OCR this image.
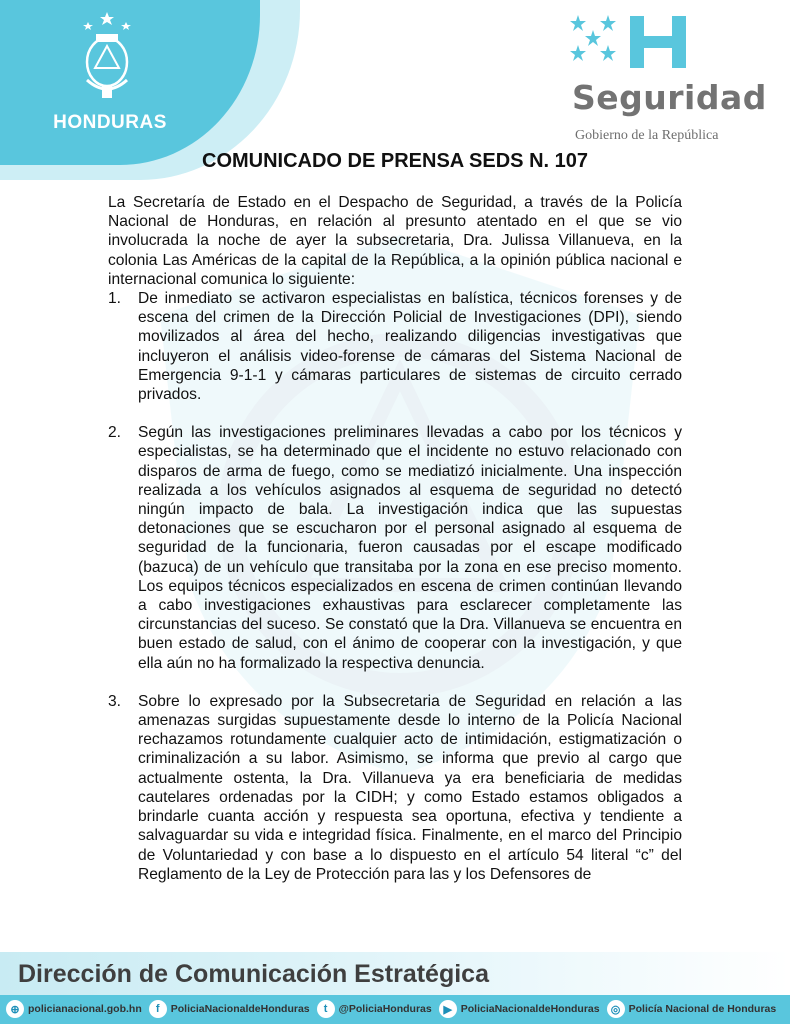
HONDURAS
Seguridad
Gobierno de la República
COMUNICADO DE PRENSA SEDS N. 107

La Secretaría de Estado en el Despacho de Seguridad, a través de la Policía Nacional de Honduras, en relación al presunto atentado en el que se vio involucrada la noche de ayer la subsecretaria, Dra. Julissa Villanueva, en la colonia Las Américas de la capital de la República, a la opinión pública nacional e internacional comunica lo siguiente:

1. De inmediato se activaron especialistas en balística, técnicos forenses y de escena del crimen de la Dirección Policial de Investigaciones (DPI), siendo movilizados al área del hecho, realizando diligencias investigativas que incluyeron el análisis video-forense de cámaras del Sistema Nacional de Emergencia 9-1-1 y cámaras particulares de sistemas de circuito cerrado privados.
2. Según las investigaciones preliminares llevadas a cabo por los técnicos y especialistas, se ha determinado que el incidente no estuvo relacionado con disparos de arma de fuego, como se mediatizó inicialmente. Una inspección realizada a los vehículos asignados al esquema de seguridad no detectó ningún impacto de bala. La investigación indica que las supuestas detonaciones que se escucharon por el personal asignado al esquema de seguridad de la funcionaria, fueron causadas por el escape modificado (bazuca) de un vehículo que transitaba por la zona en ese preciso momento. Los equipos técnicos especializados en escena de crimen continúan llevando a cabo investigaciones exhaustivas para esclarecer completamente las circunstancias del suceso. Se constató que la Dra. Villanueva se encuentra en buen estado de salud, con el ánimo de cooperar con la investigación, y que ella aún no ha formalizado la respectiva denuncia.
3. Sobre lo expresado por la Subsecretaria de Seguridad en relación a las amenazas surgidas supuestamente desde lo interno de la Policía Nacional rechazamos rotundamente cualquier acto de intimidación, estigmatización o criminalización a su labor. Asimismo, se informa que previo al cargo que actualmente ostenta, la Dra. Villanueva ya era beneficiaria de medidas cautelares ordenadas por la CIDH; y como Estado estamos obligados a brindarle cuanta acción y respuesta sea oportuna, efectiva y tendiente a salvaguardar su vida e integridad física. Finalmente, en el marco del Principio de Voluntariedad y con base a lo dispuesto en el artículo 54 literal “c” del Reglamento de la Ley de Protección para las y los Defensores de
Dirección de Comunicación Estratégica
⊕ policianacional.gob.hn	f	PoliciaNacionaldeHonduras	t	@PoliciaHonduras	▶ PoliciaNacionaldeHonduras	◎ Policía Nacional de Honduras
